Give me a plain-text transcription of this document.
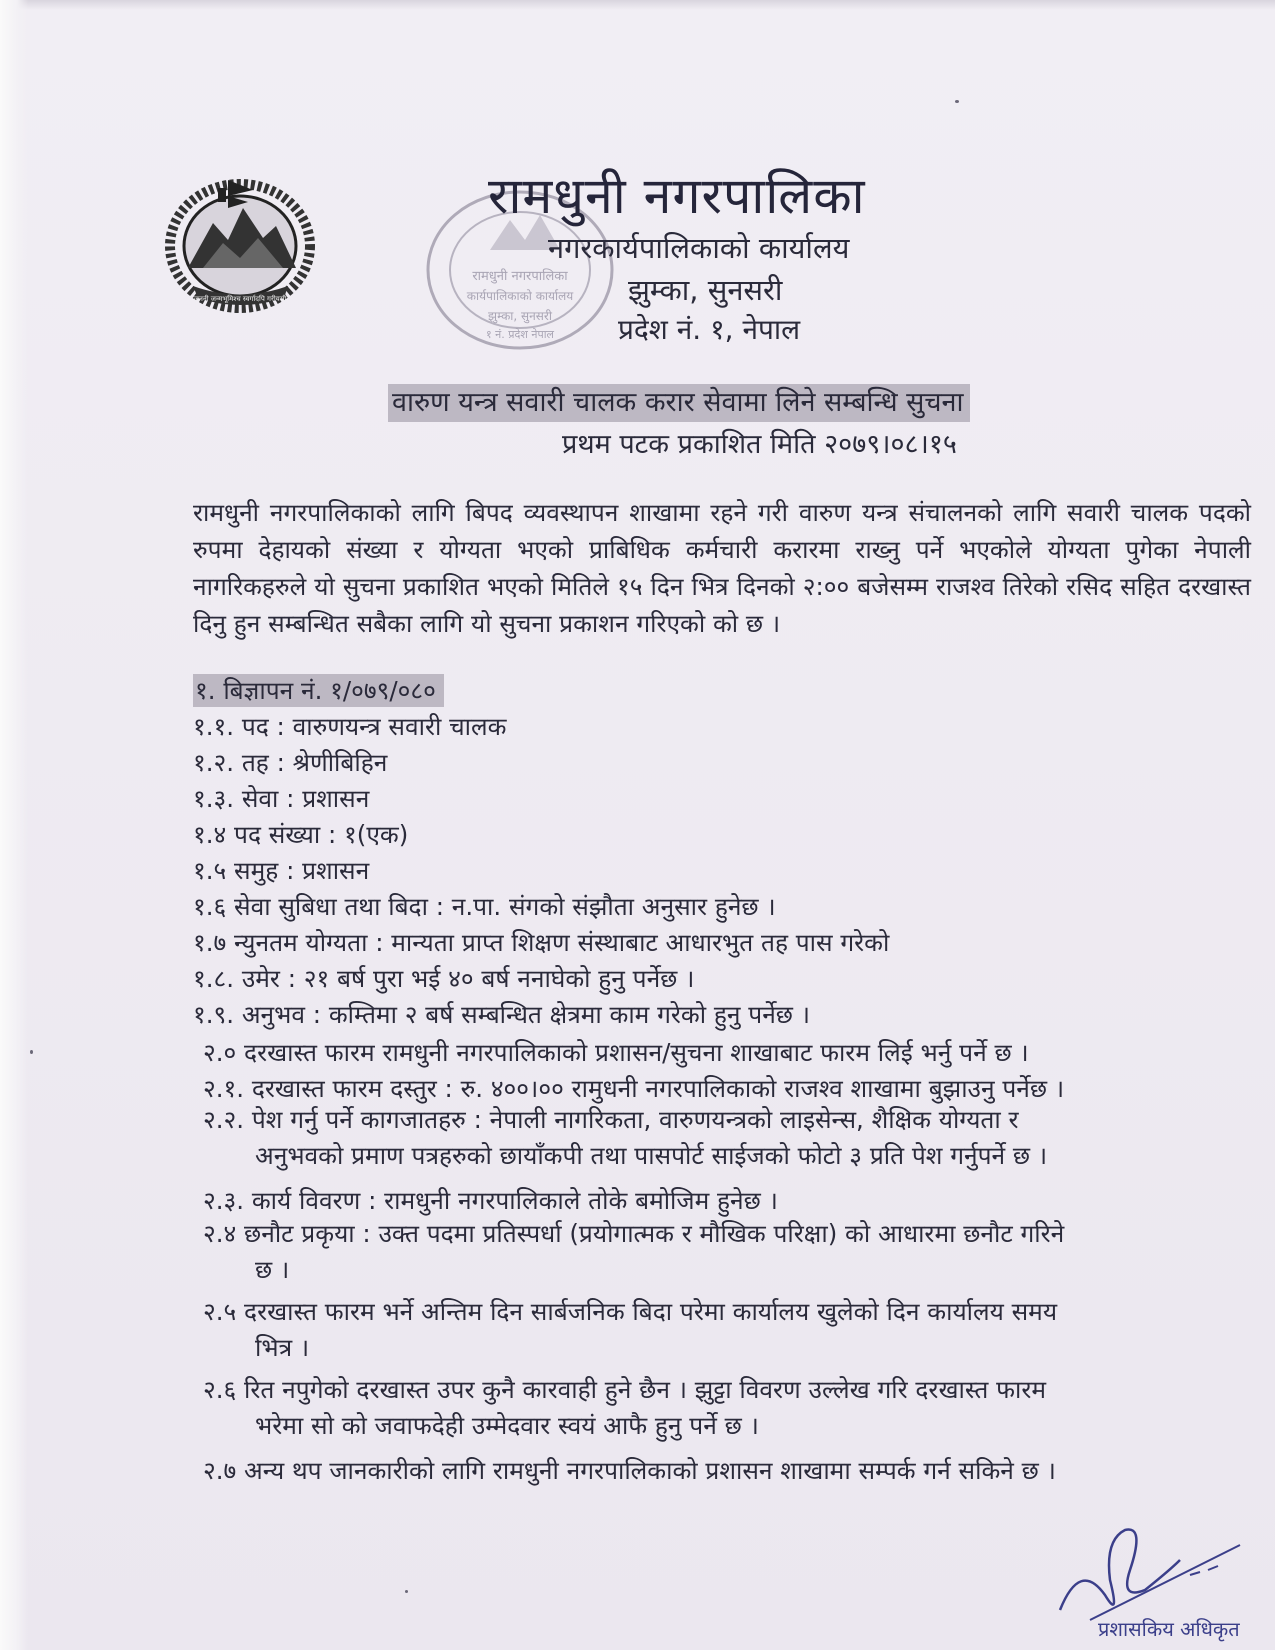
जननी जन्मभूमिश्च स्वर्गादपि गरीयसी
रामधुनी नगरपालिका
कार्यपालिकाको कार्यालय
झुम्का, सुनसरी
१ नं. प्रदेश नेपाल
रामधुनी नगरपालिका
नगरकार्यपालिकाको कार्यालय
झुम्का, सुनसरी
प्रदेश नं. १, नेपाल
वारुण यन्त्र सवारी चालक करार सेवामा लिने सम्बन्धि सुचना
प्रथम पटक प्रकाशित मिति २०७९।०८।१५
रामधुनी नगरपालिकाको लागि बिपद व्यवस्थापन शाखामा रहने गरी वारुण यन्त्र संचालनको लागि सवारी चालक पदको रुपमा देहायको संख्या र योग्यता भएको प्राबिधिक कर्मचारी करारमा राख्नु पर्ने भएकोले योग्यता पुगेका नेपाली नागरिकहरुले यो सुचना प्रकाशित भएको मितिले १५ दिन भित्र दिनको २:०० बजेसम्म राजश्व तिरेको रसिद सहित दरखास्त दिनु हुन सम्बन्धित सबैका लागि यो सुचना प्रकाशन गरिएको को छ ।
१. बिज्ञापन नं. १/०७९/०८०
१.१. पद : वारुणयन्त्र सवारी चालक
१.२. तह : श्रेणीबिहिन
१.३. सेवा : प्रशासन
१.४ पद संख्या : १(एक)
१.५ समुह : प्रशासन
१.६ सेवा सुबिधा तथा बिदा : न.पा. संगको संझौता अनुसार हुनेछ ।
१.७ न्युनतम योग्यता : मान्यता प्राप्त शिक्षण संस्थाबाट आधारभुत तह पास गरेको
१.८. उमेर : २१ बर्ष पुरा भई ४० बर्ष ननाघेको हुनु पर्नेछ ।
१.९. अनुभव : कम्तिमा २ बर्ष सम्बन्धित क्षेत्रमा काम गरेको हुनु पर्नेछ ।
२.० दरखास्त फारम रामधुनी नगरपालिकाको प्रशासन/सुचना शाखाबाट फारम लिई भर्नु पर्ने छ ।
२.१. दरखास्त फारम दस्तुर : रु. ४००।०० रामुधनी नगरपालिकाको राजश्व शाखामा बुझाउनु पर्नेछ ।
२.२. पेश गर्नु पर्ने कागजातहरु : नेपाली नागरिकता, वारुणयन्त्रको लाइसेन्स, शैक्षिक योग्यता र
अनुभवको प्रमाण पत्रहरुको छायाँकपी तथा पासपोर्ट साईजको फोटो ३ प्रति पेश गर्नुपर्ने छ ।
२.३. कार्य विवरण : रामधुनी नगरपालिकाले तोके बमोजिम हुनेछ ।
२.४ छनौट प्रकृया : उक्त पदमा प्रतिस्पर्धा (प्रयोगात्मक र मौखिक परिक्षा) को आधारमा छनौट गरिने
छ ।
२.५ दरखास्त फारम भर्ने अन्तिम दिन सार्बजनिक बिदा परेमा कार्यालय खुलेको दिन कार्यालय समय
भित्र ।
२.६ रित नपुगेको दरखास्त उपर कुनै कारवाही हुने छैन । झुट्टा विवरण उल्लेख गरि दरखास्त फारम
भरेमा सो को जवाफदेही उम्मेदवार स्वयं आफै हुनु पर्ने छ ।
२.७ अन्य थप जानकारीको लागि रामधुनी नगरपालिकाको प्रशासन शाखामा सम्पर्क गर्न सकिने छ ।
प्रशासकिय अधिकृत
